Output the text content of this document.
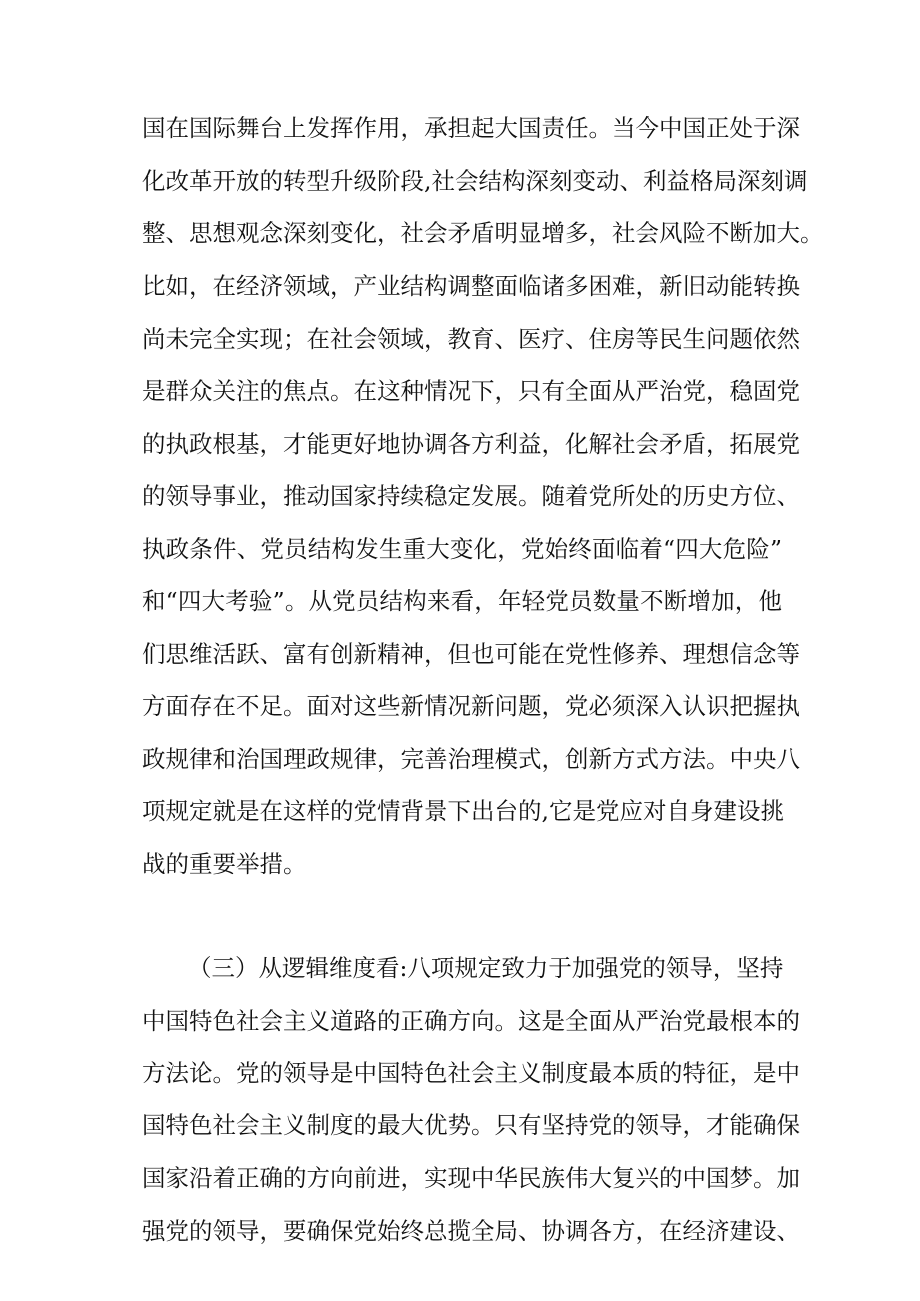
国在国际舞台上发挥作用，承担起大国责任。当今中国正处于深
化改革开放的转型升级阶段,社会结构深刻变动、利益格局深刻调
整、思想观念深刻变化，社会矛盾明显增多，社会风险不断加大。
比如，在经济领域，产业结构调整面临诸多困难，新旧动能转换
尚未完全实现；在社会领域，教育、医疗、住房等民生问题依然
是群众关注的焦点。在这种情况下，只有全面从严治党，稳固党
的执政根基，才能更好地协调各方利益，化解社会矛盾，拓展党
的领导事业，推动国家持续稳定发展。随着党所处的历史方位、
执政条件、党员结构发生重大变化，党始终面临着“四大危险”
和“四大考验”。从党员结构来看，年轻党员数量不断增加，他
们思维活跃、富有创新精神，但也可能在党性修养、理想信念等
方面存在不足。面对这些新情况新问题，党必须深入认识把握执
政规律和治国理政规律，完善治理模式，创新方式方法。中央八
项规定就是在这样的党情背景下出台的,它是党应对自身建设挑
战的重要举措。
（三）从逻辑维度看:八项规定致力于加强党的领导，坚持
中国特色社会主义道路的正确方向。这是全面从严治党最根本的
方法论。党的领导是中国特色社会主义制度最本质的特征，是中
国特色社会主义制度的最大优势。只有坚持党的领导，才能确保
国家沿着正确的方向前进，实现中华民族伟大复兴的中国梦。加
强党的领导，要确保党始终总揽全局、协调各方，在经济建设、
